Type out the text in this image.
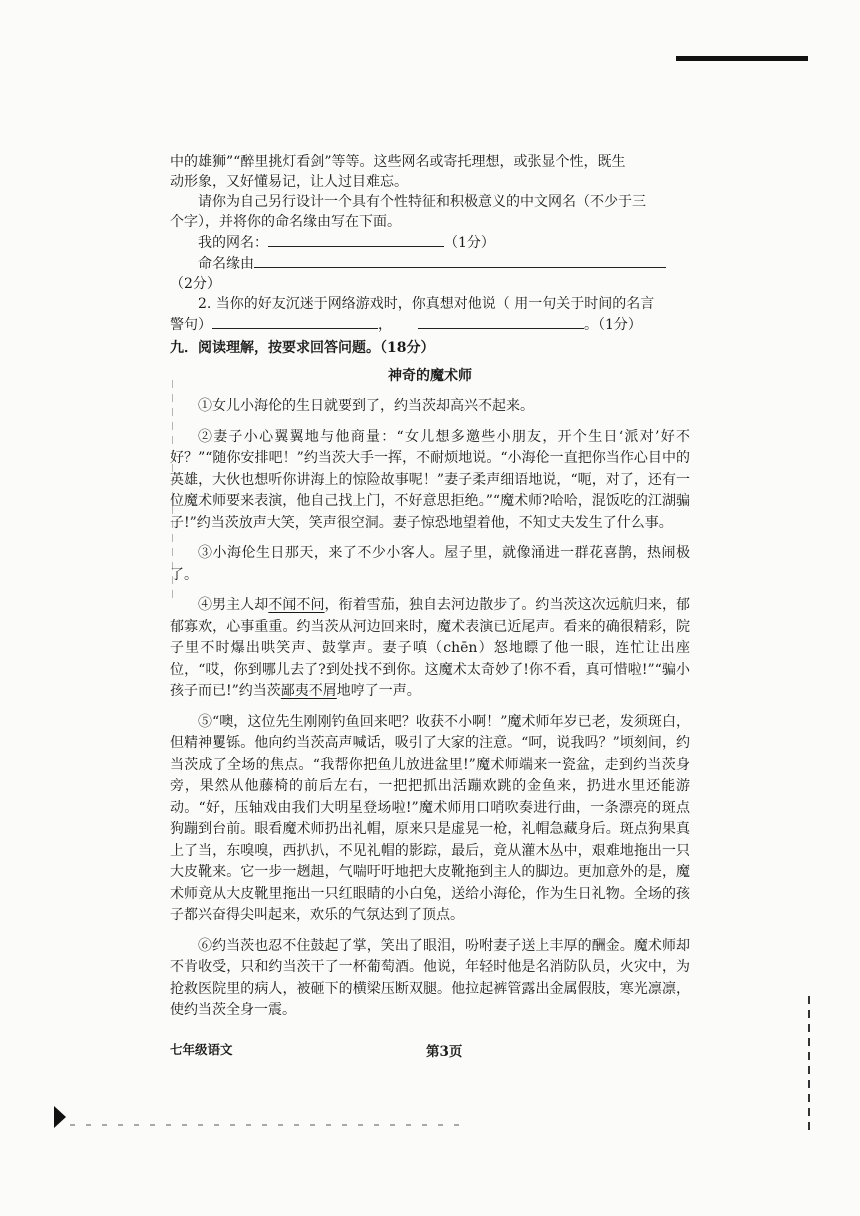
中的雄狮”“醉里挑灯看剑”等等。这些网名或寄托理想，或张显个性，既生

动形象，又好懂易记，让人过目难忘。

请你为自己另行设计一个具有个性特征和积极意义的中文网名（不少于三

个字），并将你的命名缘由写在下面。

我的网名：	（1分）

命名缘由

（2分）

2. 当你的好友沉迷于网络游戏时，你真想对他说（ 用一句关于时间的名言

警句）	，	。（1分）

九．阅读理解，按要求回答问题。（18分）

神奇的魔术师

①女儿小海伦的生日就要到了，约当茨却高兴不起来。

②妻子小心翼翼地与他商量：“女儿想多邀些小朋友，开个生日‘派对’好不好？”“随你安排吧！”约当茨大手一挥，不耐烦地说。“小海伦一直把你当作心目中的英雄，大伙也想听你讲海上的惊险故事呢！”妻子柔声细语地说，“呃，对了，还有一位魔术师要来表演，他自己找上门，不好意思拒绝。”“魔术师?哈哈，混饭吃的江湖骗子!”约当茨放声大笑，笑声很空洞。妻子惊恐地望着他，不知丈夫发生了什么事。

③小海伦生日那天，来了不少小客人。屋子里，就像涌进一群花喜鹊，热闹极了。

④男主人却不闻不问，衔着雪茄，独自去河边散步了。约当茨这次远航归来，郁郁寡欢，心事重重。约当茨从河边回来时，魔术表演已近尾声。看来的确很精彩，院子里不时爆出哄笑声、鼓掌声。妻子嗔（chēn）怒地瞟了他一眼，连忙让出座位，“哎，你到哪儿去了?到处找不到你。这魔术太奇妙了!你不看，真可惜啦!”“骗小孩子而已!”约当茨鄙夷不屑地哼了一声。

⑤“噢，这位先生刚刚钓鱼回来吧？收获不小啊！”魔术师年岁已老，发须斑白，但精神矍铄。他向约当茨高声喊话，吸引了大家的注意。“呵，说我吗？”顷刻间，约当茨成了全场的焦点。“我帮你把鱼儿放进盆里!”魔术师端来一瓷盆，走到约当茨身旁，果然从他藤椅的前后左右，一把把抓出活蹦欢跳的金鱼来，扔进水里还能游动。“好，压轴戏由我们大明星登场啦!”魔术师用口哨吹奏进行曲，一条漂亮的斑点狗蹦到台前。眼看魔术师扔出礼帽，原来只是虚晃一枪，礼帽急藏身后。斑点狗果真上了当，东嗅嗅，西扒扒，不见礼帽的影踪，最后，竟从灌木丛中，艰难地拖出一只大皮靴来。它一步一趔趄，气喘吁吁地把大皮靴拖到主人的脚边。更加意外的是，魔术师竟从大皮靴里拖出一只红眼睛的小白兔，送给小海伦，作为生日礼物。全场的孩子都兴奋得尖叫起来，欢乐的气氛达到了顶点。

⑥约当茨也忍不住鼓起了掌，笑出了眼泪，吩咐妻子送上丰厚的酬金。魔术师却不肯收受，只和约当茨干了一杯葡萄酒。他说，年轻时他是名消防队员，火灾中，为抢救医院里的病人，被砸下的横梁压断双腿。他拉起裤管露出金属假肢，寒光凛凛，使约当茨全身一震。

七年级语文	第3页
